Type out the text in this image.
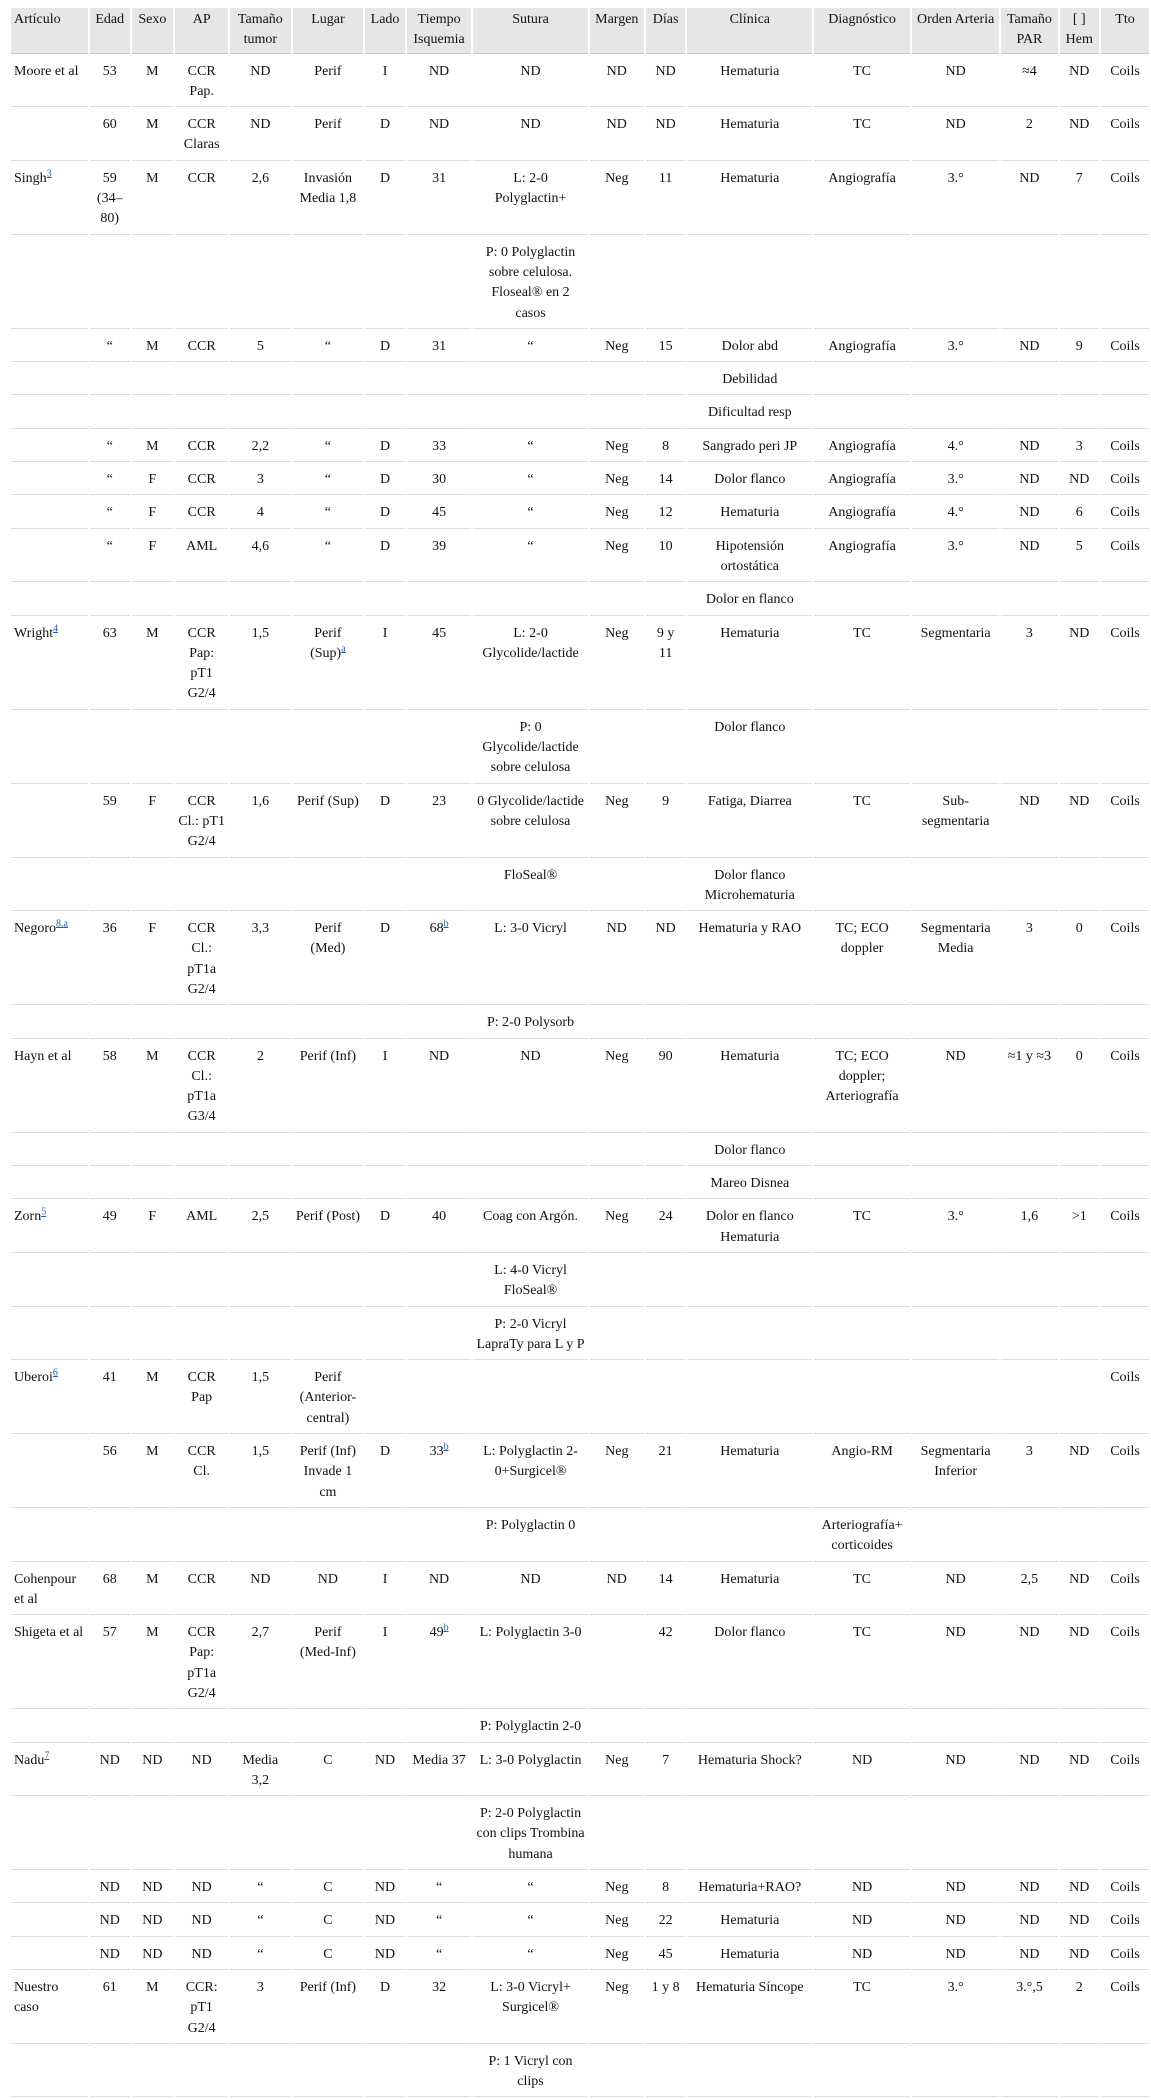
Artículo	Edad	Sexo	AP	Tamaño tumor	Lugar	Lado	Tiempo Isquemia	Sutura	Margen	Días	Clínica	Diagnóstico	Orden Arteria	Tamaño PAR	[ ] Hem	Tto
Moore et al	53	M	CCR Pap.	ND	Perif	I	ND	ND	ND	ND	Hematuria	TC	ND	≈4	ND	Coils
	60	M	CCR Claras	ND	Perif	D	ND	ND	ND	ND	Hematuria	TC	ND	2	ND	Coils
Singh$^3$	59 (34–80)	M	CCR	2,6	Invasión Media 1,8	D	31	L: 2-0 Polyglactin+	Neg	11	Hematuria	Angiografía	3.°	ND	7	Coils
								P: 0 Polyglactin sobre celulosa. Floseal® en 2 casos								
	“	M	CCR	5	“	D	31	“	Neg	15	Dolor abd	Angiografía	3.°	ND	9	Coils
											Debilidad					
											Dificultad resp					
	“	M	CCR	2,2	“	D	33	“	Neg	8	Sangrado peri JP	Angiografía	4.°	ND	3	Coils
	“	F	CCR	3	“	D	30	“	Neg	14	Dolor flanco	Angiografía	3.°	ND	ND	Coils
	“	F	CCR	4	“	D	45	“	Neg	12	Hematuria	Angiografía	4.°	ND	6	Coils
	“	F	AML	4,6	“	D	39	“	Neg	10	Hipotensión ortostática	Angiografía	3.°	ND	5	Coils
											Dolor en flanco					
Wright$^4$	63	M	CCR Pap: pT1 G2/4	1,5	Perif (Sup)$^a$	I	45	L: 2-0 Glycolide/lactide	Neg	9 y 11	Hematuria	TC	Segmentaria	3	ND	Coils
								P: 0 Glycolide/lactide sobre celulosa			Dolor flanco					
	59	F	CCR Cl.: pT1 G2/4	1,6	Perif (Sup)	D	23	0 Glycolide/lactide sobre celulosa	Neg	9	Fatiga, Diarrea	TC	Sub-segmentaria	ND	ND	Coils
								FloSeal®			Dolor flanco Microhematuria					
Negoro$^{8,a}$	36	F	CCR Cl.: pT1a G2/4	3,3	Perif (Med)	D	68$^b$	L: 3-0 Vicryl	ND	ND	Hematuria y RAO	TC; ECO doppler	Segmentaria Media	3	0	Coils
								P: 2-0 Polysorb								
Hayn et al	58	M	CCR Cl.: pT1a G3/4	2	Perif (Inf)	I	ND	ND	Neg	90	Hematuria	TC; ECO doppler; Arteriografía	ND	≈1 y ≈3	0	Coils
											Dolor flanco					
											Mareo Disnea					
Zorn$^5$	49	F	AML	2,5	Perif (Post)	D	40	Coag con Argón.	Neg	24	Dolor en flanco Hematuria	TC	3.°	1,6	>1	Coils
								L: 4-0 Vicryl FloSeal®								
								P: 2-0 Vicryl LapraTy para L y P								
Uberoi$^6$	41	M	CCR Pap	1,5	Perif (Anterior-central)											Coils
	56	M	CCR Cl.	1,5	Perif (Inf) Invade 1 cm	D	33$^b$	L: Polyglactin 2-0+Surgicel®	Neg	21	Hematuria	Angio-RM	Segmentaria Inferior	3	ND	Coils
								P: Polyglactin 0				Arteriografía+ corticoides				
Cohenpour et al	68	M	CCR	ND	ND	I	ND	ND	ND	14	Hematuria	TC	ND	2,5	ND	Coils
Shigeta et al	57	M	CCR Pap: pT1a G2/4	2,7	Perif (Med-Inf)	I	49$^b$	L: Polyglactin 3-0		42	Dolor flanco	TC	ND	ND	ND	Coils
								P: Polyglactin 2-0								
Nadu$^7$	ND	ND	ND	Media 3,2	C	ND	Media 37	L: 3-0 Polyglactin	Neg	7	Hematuria Shock?	ND	ND	ND	ND	Coils
								P: 2-0 Polyglactin con clips Trombina humana								
	ND	ND	ND	“	C	ND	“	“	Neg	8	Hematuria+RAO?	ND	ND	ND	ND	Coils
	ND	ND	ND	“	C	ND	“	“	Neg	22	Hematuria	ND	ND	ND	ND	Coils
	ND	ND	ND	“	C	ND	“	“	Neg	45	Hematuria	ND	ND	ND	ND	Coils
Nuestro caso	61	M	CCR: pT1 G2/4	3	Perif (Inf)	D	32	L: 3-0 Vicryl+ Surgicel®	Neg	1 y 8	Hematuria Síncope	TC	3.°	3.°,5	2	Coils
								P: 1 Vicryl con clips								
